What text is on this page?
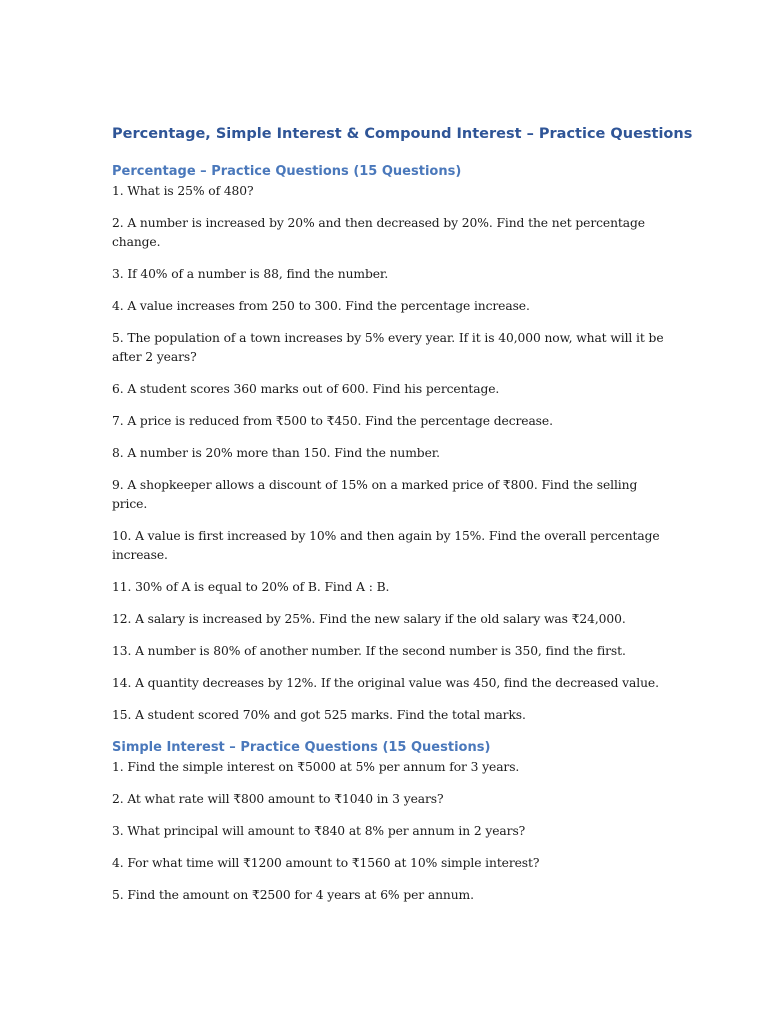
Percentage, Simple Interest & Compound Interest – Practice Questions
Percentage – Practice Questions (15 Questions)
1. What is 25% of 480?
2. A number is increased by 20% and then decreased by 20%. Find the net percentage change.
3. If 40% of a number is 88, find the number.
4. A value increases from 250 to 300. Find the percentage increase.
5. The population of a town increases by 5% every year. If it is 40,000 now, what will it be after 2 years?
6. A student scores 360 marks out of 600. Find his percentage.
7. A price is reduced from ₹500 to ₹450. Find the percentage decrease.
8. A number is 20% more than 150. Find the number.
9. A shopkeeper allows a discount of 15% on a marked price of ₹800. Find the selling price.
10. A value is first increased by 10% and then again by 15%. Find the overall percentage increase.
11. 30% of A is equal to 20% of B. Find A : B.
12. A salary is increased by 25%. Find the new salary if the old salary was ₹24,000.
13. A number is 80% of another number. If the second number is 350, find the first.
14. A quantity decreases by 12%. If the original value was 450, find the decreased value.
15. A student scored 70% and got 525 marks. Find the total marks.
Simple Interest – Practice Questions (15 Questions)
1. Find the simple interest on ₹5000 at 5% per annum for 3 years.
2. At what rate will ₹800 amount to ₹1040 in 3 years?
3. What principal will amount to ₹840 at 8% per annum in 2 years?
4. For what time will ₹1200 amount to ₹1560 at 10% simple interest?
5. Find the amount on ₹2500 for 4 years at 6% per annum.
